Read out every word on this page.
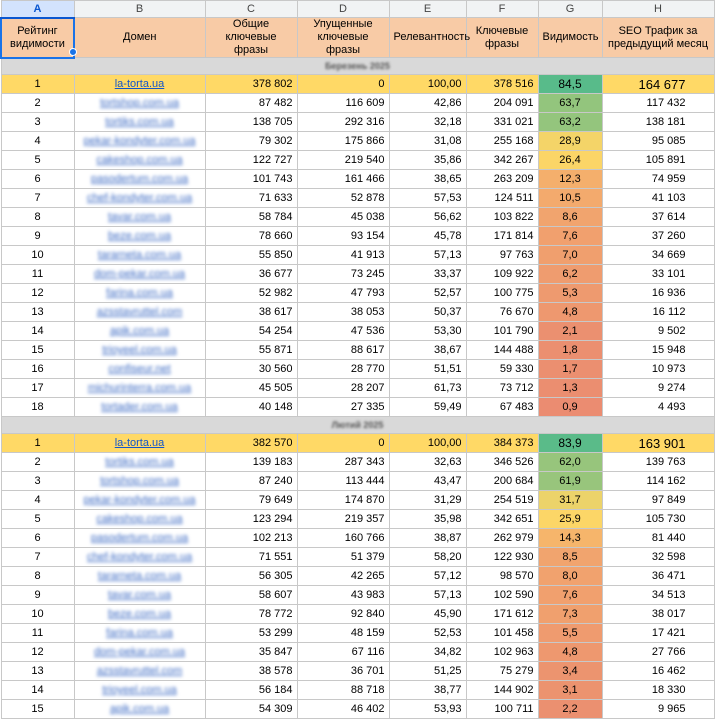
A	B	C	D	E	F	G	H
Рейтинг видимости	Домен	Общие ключевые фразы	Упущенные ключевые фразы	Релевантность	Ключевые фразы	Видимость	SEO Трафик за предыдущий месяц
Березень 2025							
1	la-torta.ua	378 802	0	100,00	378 516	84,5	164 677
2	tortshop.com.ua	87 482	116 609	42,86	204 091	63,7	117 432
3	tortiks.com.ua	138 705	292 316	32,18	331 021	63,2	138 181
4	pekar-kondyter.com.ua	79 302	175 866	31,08	255 168	28,9	95 085
5	cakeshop.com.ua	122 727	219 540	35,86	342 267	26,4	105 891
6	pasodertum.com.ua	101 743	161 466	38,65	263 209	12,3	74 959
7	chef-kondyter.com.ua	71 633	52 878	57,53	124 511	10,5	41 103
8	tavar.com.ua	58 784	45 038	56,62	103 822	8,6	37 614
9	beze.com.ua	78 660	93 154	45,78	171 814	7,6	37 260
10	tararneta.com.ua	55 850	41 913	57,13	97 763	7,0	34 669
11	dom-pekar.com.ua	36 677	73 245	33,37	109 922	6,2	33 101
12	farina.com.ua	52 982	47 793	52,57	100 775	5,3	16 936
13	azsstavruttel.com	38 617	38 053	50,37	76 670	4,8	16 112
14	apik.com.ua	54 254	47 536	53,30	101 790	2,1	9 502
15	trioyeel.com.ua	55 871	88 617	38,67	144 488	1,8	15 948
16	confiseur.net	30 560	28 770	51,51	59 330	1,7	10 973
17	michurinterra.com.ua	45 505	28 207	61,73	73 712	1,3	9 274
18	tortader.com.ua	40 148	27 335	59,49	67 483	0,9	4 493
Лютий 2025							
1	la-torta.ua	382 570	0	100,00	384 373	83,9	163 901
2	tortiks.com.ua	139 183	287 343	32,63	346 526	62,0	139 763
3	tortshop.com.ua	87 240	113 444	43,47	200 684	61,9	114 162
4	pekar-kondyter.com.ua	79 649	174 870	31,29	254 519	31,7	97 849
5	cakeshop.com.ua	123 294	219 357	35,98	342 651	25,9	105 730
6	pasodertum.com.ua	102 213	160 766	38,87	262 979	14,3	81 440
7	chef-kondyter.com.ua	71 551	51 379	58,20	122 930	8,5	32 598
8	tararneta.com.ua	56 305	42 265	57,12	98 570	8,0	36 471
9	tavar.com.ua	58 607	43 983	57,13	102 590	7,6	34 513
10	beze.com.ua	78 772	92 840	45,90	171 612	7,3	38 017
11	farina.com.ua	53 299	48 159	52,53	101 458	5,5	17 421
12	dom-pekar.com.ua	35 847	67 116	34,82	102 963	4,8	27 766
13	azsstavruttel.com	38 578	36 701	51,25	75 279	3,4	16 462
14	trioyeel.com.ua	56 184	88 718	38,77	144 902	3,1	18 330
15	apik.com.ua	54 309	46 402	53,93	100 711	2,2	9 965
